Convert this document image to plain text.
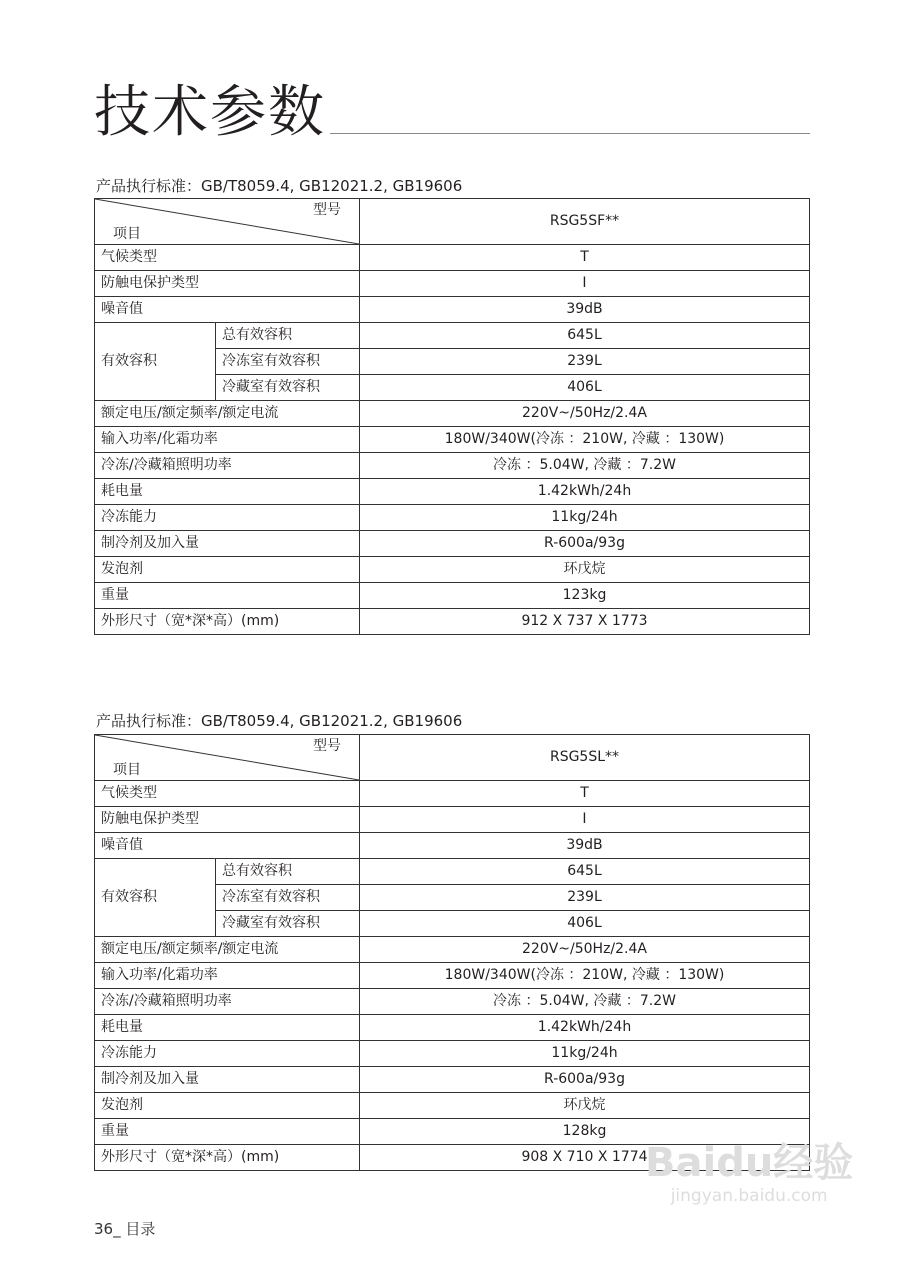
技术参数
产品执行标准：GB/T8059.4, GB12021.2, GB19606
型号
项目		RSG5SF**
气候类型		T
防触电保护类型		I
噪音值		39dB
有效容积	总有效容积	645L
	冷冻室有效容积	239L
	冷藏室有效容积	406L
额定电压/额定频率/额定电流		220V~/50Hz/2.4A
输入功率/化霜功率		180W/340W(冷冻 ：210W, 冷藏 ：130W)
冷冻/冷藏箱照明功率		冷冻 ：5.04W, 冷藏 ：7.2W
耗电量		1.42kWh/24h
冷冻能力		11kg/24h
制冷剂及加入量		R-600a/93g
发泡剂		环戊烷
重量		123kg
外形尺寸（宽*深*高）(mm)		912 X 737 X 1773
产品执行标准：GB/T8059.4, GB12021.2, GB19606
型号
项目		RSG5SL**
气候类型		T
防触电保护类型		I
噪音值		39dB
有效容积	总有效容积	645L
	冷冻室有效容积	239L
	冷藏室有效容积	406L
额定电压/额定频率/额定电流		220V~/50Hz/2.4A
输入功率/化霜功率		180W/340W(冷冻 ：210W, 冷藏 ：130W)
冷冻/冷藏箱照明功率		冷冻 ：5.04W, 冷藏 ：7.2W
耗电量		1.42kWh/24h
冷冻能力		11kg/24h
制冷剂及加入量		R-600a/93g
发泡剂		环戊烷
重量		128kg
外形尺寸（宽*深*高）(mm)		908 X 710 X 1774
36_ 目录
Baidu经验
jingyan.baidu.com
